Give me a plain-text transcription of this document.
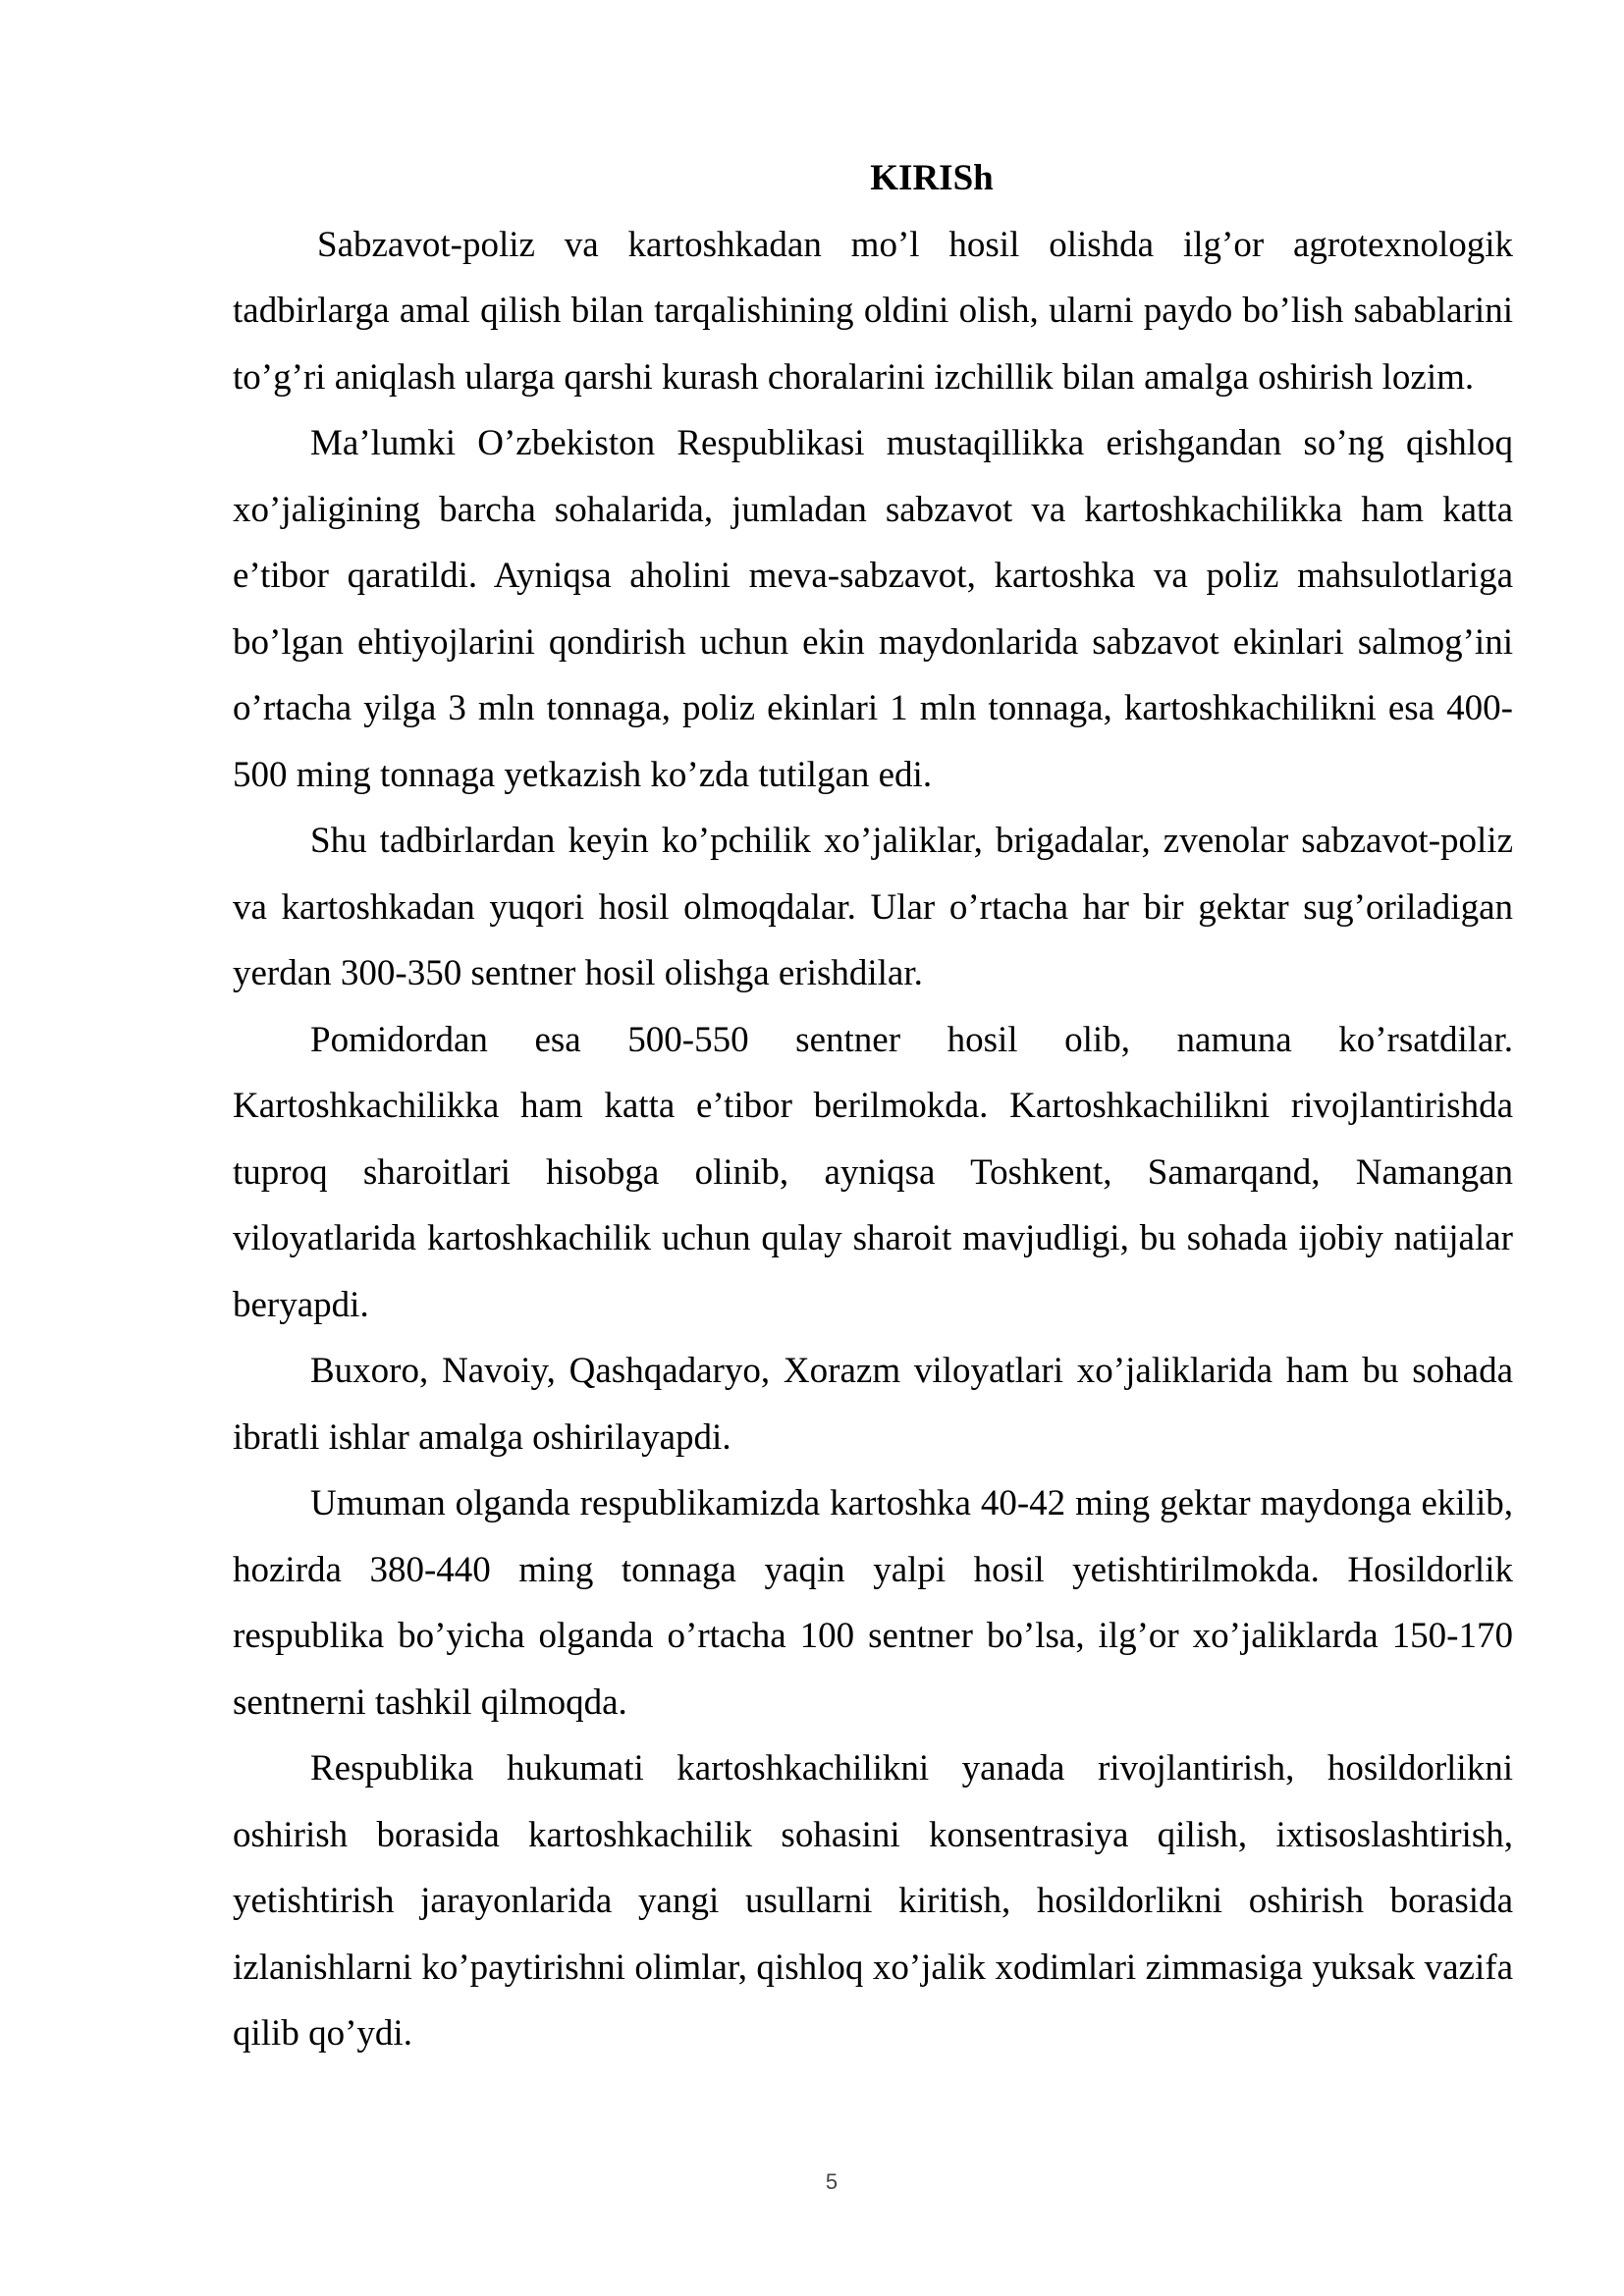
KIRISh

Sabzavot-poliz va kartoshkadan mo’l hosil olishda ilg’or agrotexnologik tadbirlarga amal qilish bilan tarqalishining oldini olish, ularni paydo bo’lish sabablarini to’g’ri aniqlash ularga qarshi kurash choralarini izchillik bilan amalga oshirish lozim.

Ma’lumki O’zbekiston Respublikasi mustaqillikka erishgandan so’ng qishloq xo’jaligining barcha sohalarida, jumladan sabzavot va kartoshkachilikka ham katta e’tibor qaratildi. Ayniqsa aholini meva-sabzavot, kartoshka va poliz mahsulotlariga bo’lgan ehtiyojlarini qondirish uchun ekin maydonlarida sabzavot ekinlari salmog’ini o’rtacha yilga 3 mln tonnaga, poliz ekinlari 1 mln tonnaga, kartoshkachilikni esa 400-500 ming tonnaga yetkazish ko’zda tutilgan edi.

Shu tadbirlardan keyin ko’pchilik xo’jaliklar, brigadalar, zvenolar sabzavot-poliz va kartoshkadan yuqori hosil olmoqdalar. Ular o’rtacha har bir gektar sug’oriladigan yerdan 300-350 sentner hosil olishga erishdilar.

Pomidordan esa 500-550 sentner hosil olib, namuna ko’rsatdilar. Kartoshkachilikka ham katta e’tibor berilmokda. Kartoshkachilikni rivojlantirishda tuproq sharoitlari hisobga olinib, ayniqsa Toshkent, Samarqand, Namangan viloyatlarida kartoshkachilik uchun qulay sharoit mavjudligi, bu sohada ijobiy natijalar beryapdi.

Buxoro, Navoiy, Qashqadaryo, Xorazm viloyatlari xo’jaliklarida ham bu sohada ibratli ishlar amalga oshirilayapdi.

Umuman olganda respublikamizda kartoshka 40-42 ming gektar maydonga ekilib, hozirda 380-440 ming tonnaga yaqin yalpi hosil yetishtirilmokda. Hosildorlik respublika bo’yicha olganda o’rtacha 100 sentner bo’lsa, ilg’or xo’jaliklarda 150-170 sentnerni tashkil qilmoqda.

Respublika hukumati kartoshkachilikni yanada rivojlantirish, hosildorlikni oshirish borasida kartoshkachilik sohasini konsentrasiya qilish, ixtisoslashtirish, yetishtirish jarayonlarida yangi usullarni kiritish, hosildorlikni oshirish borasida izlanishlarni ko’paytirishni olimlar, qishloq xo’jalik xodimlari zimmasiga yuksak vazifa qilib qo’ydi.

5
